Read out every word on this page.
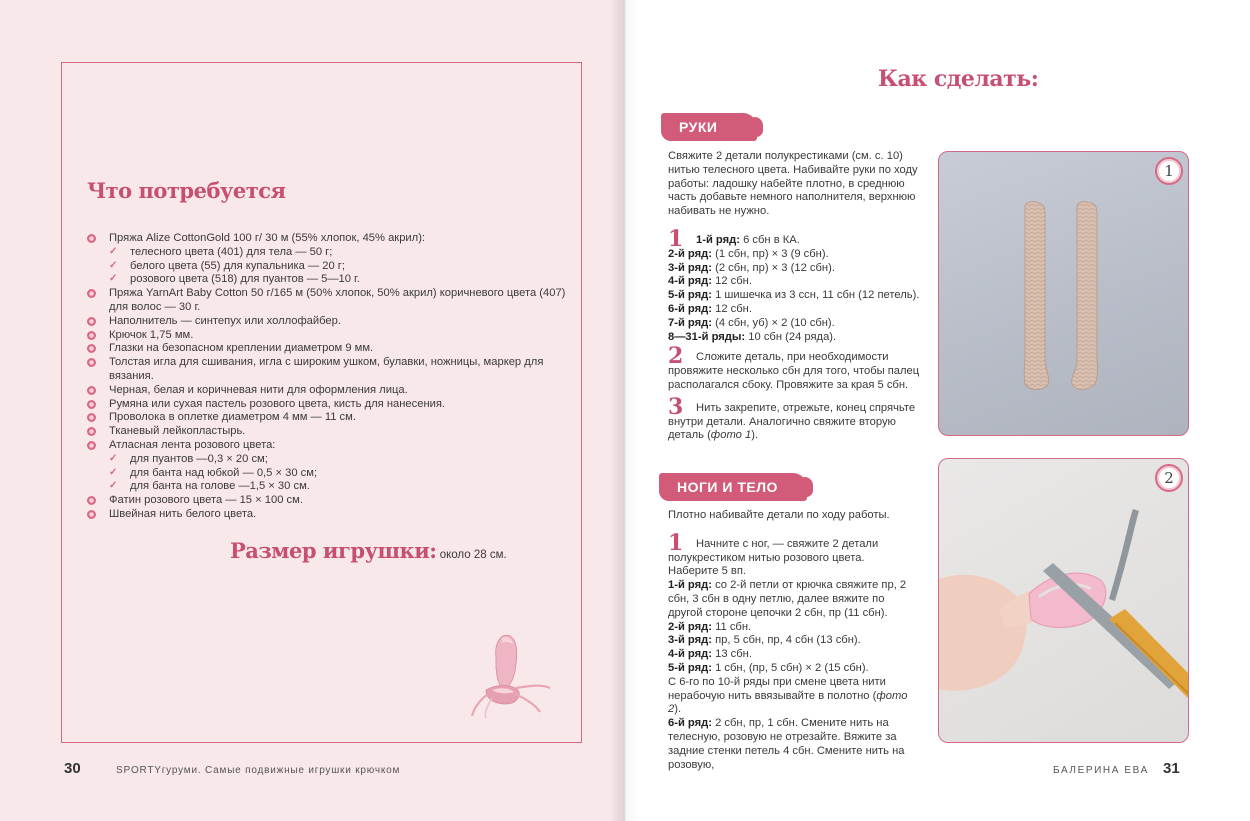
Что потребуется
Пряжа Alize CottonGold 100 г/ 30 м (55% хлопок, 45% акрил):
✓ телесного цвета (401) для тела — 50 г;
✓ белого цвета (55) для купальника — 20 г;
✓ розового цвета (518) для пуантов — 5—10 г.
Пряжа YarnArt Baby Cotton 50 г/165 м (50% хлопок, 50% акрил) коричневого цвета (407) для волос — 30 г.
Наполнитель — синтепух или холлофайбер.
Крючок 1,75 мм.
Глазки на безопасном креплении диаметром 9 мм.
Толстая игла для сшивания, игла с широким ушком, булавки, ножницы, маркер для вязания.
Черная, белая и коричневая нити для оформления лица.
Румяна или сухая пастель розового цвета, кисть для нанесения.
Проволока в оплетке диаметром 4 мм — 11 см.
Тканевый лейкопластырь.
Атласная лента розового цвета:
✓ для пуантов —0,3 × 20 см;
✓ для банта над юбкой — 0,5 × 30 см;
✓ для банта на голове —1,5 × 30 см.
Фатин розового цвета — 15 × 100 см.
Швейная нить белого цвета.
Размер игрушки: около 28 см.
30	SPORTYгуруми. Самые подвижные игрушки крючком
Как сделать:
РУКИ

Свяжите 2 детали полукрестиками (см. с. 10) нитью телесного цвета. Набивайте руки по ходу работы: ладошку набейте плотно, в среднюю часть добавьте немного наполнителя, верхнюю набивать не нужно.

1 1-й ряд: 6 сбн в КА.

2-й ряд: (1 сбн, пр) × 3 (9 сбн).

3-й ряд: (2 сбн, пр) × 3 (12 сбн).

4-й ряд: 12 сбн.

5-й ряд: 1 шишечка из 3 ссн, 11 сбн (12 петель).

6-й ряд: 12 сбн.

7-й ряд: (4 сбн, уб) × 2 (10 сбн).

8—31-й ряды: 10 сбн (24 ряда).

2 Сложите деталь, при необходимости провяжите несколько сбн для того, чтобы палец располагался сбоку. Провяжите за края 5 сбн.

3 Нить закрепите, отрежьте, конец спрячьте внутри детали. Аналогично свяжите вторую деталь (фото 1).

НОГИ И ТЕЛО

Плотно набивайте детали по ходу работы.

1 Начните с ног, — свяжите 2 детали полукрестиком нитью розового цвета.

Наберите 5 вп.

1-й ряд: со 2-й петли от крючка свяжите пр, 2 сбн, 3 сбн в одну петлю, далее вяжите по другой стороне цепочки 2 сбн, пр (11 сбн).

2-й ряд: 11 сбн.

3-й ряд: пр, 5 сбн, пр, 4 сбн (13 сбн).

4-й ряд: 13 сбн.

5-й ряд: 1 сбн, (пр, 5 сбн) × 2 (15 сбн).

С 6-го по 10-й ряды при смене цвета нити нерабочую нить ввязывайте в полотно (фото 2).

6-й ряд: 2 сбн, пр, 1 сбн. Смените нить на телесную, розовую не отрезайте. Вяжите за задние стенки петель 4 сбн. Смените нить на розовую,

1
2
БАЛЕРИНА ЕВА 31
